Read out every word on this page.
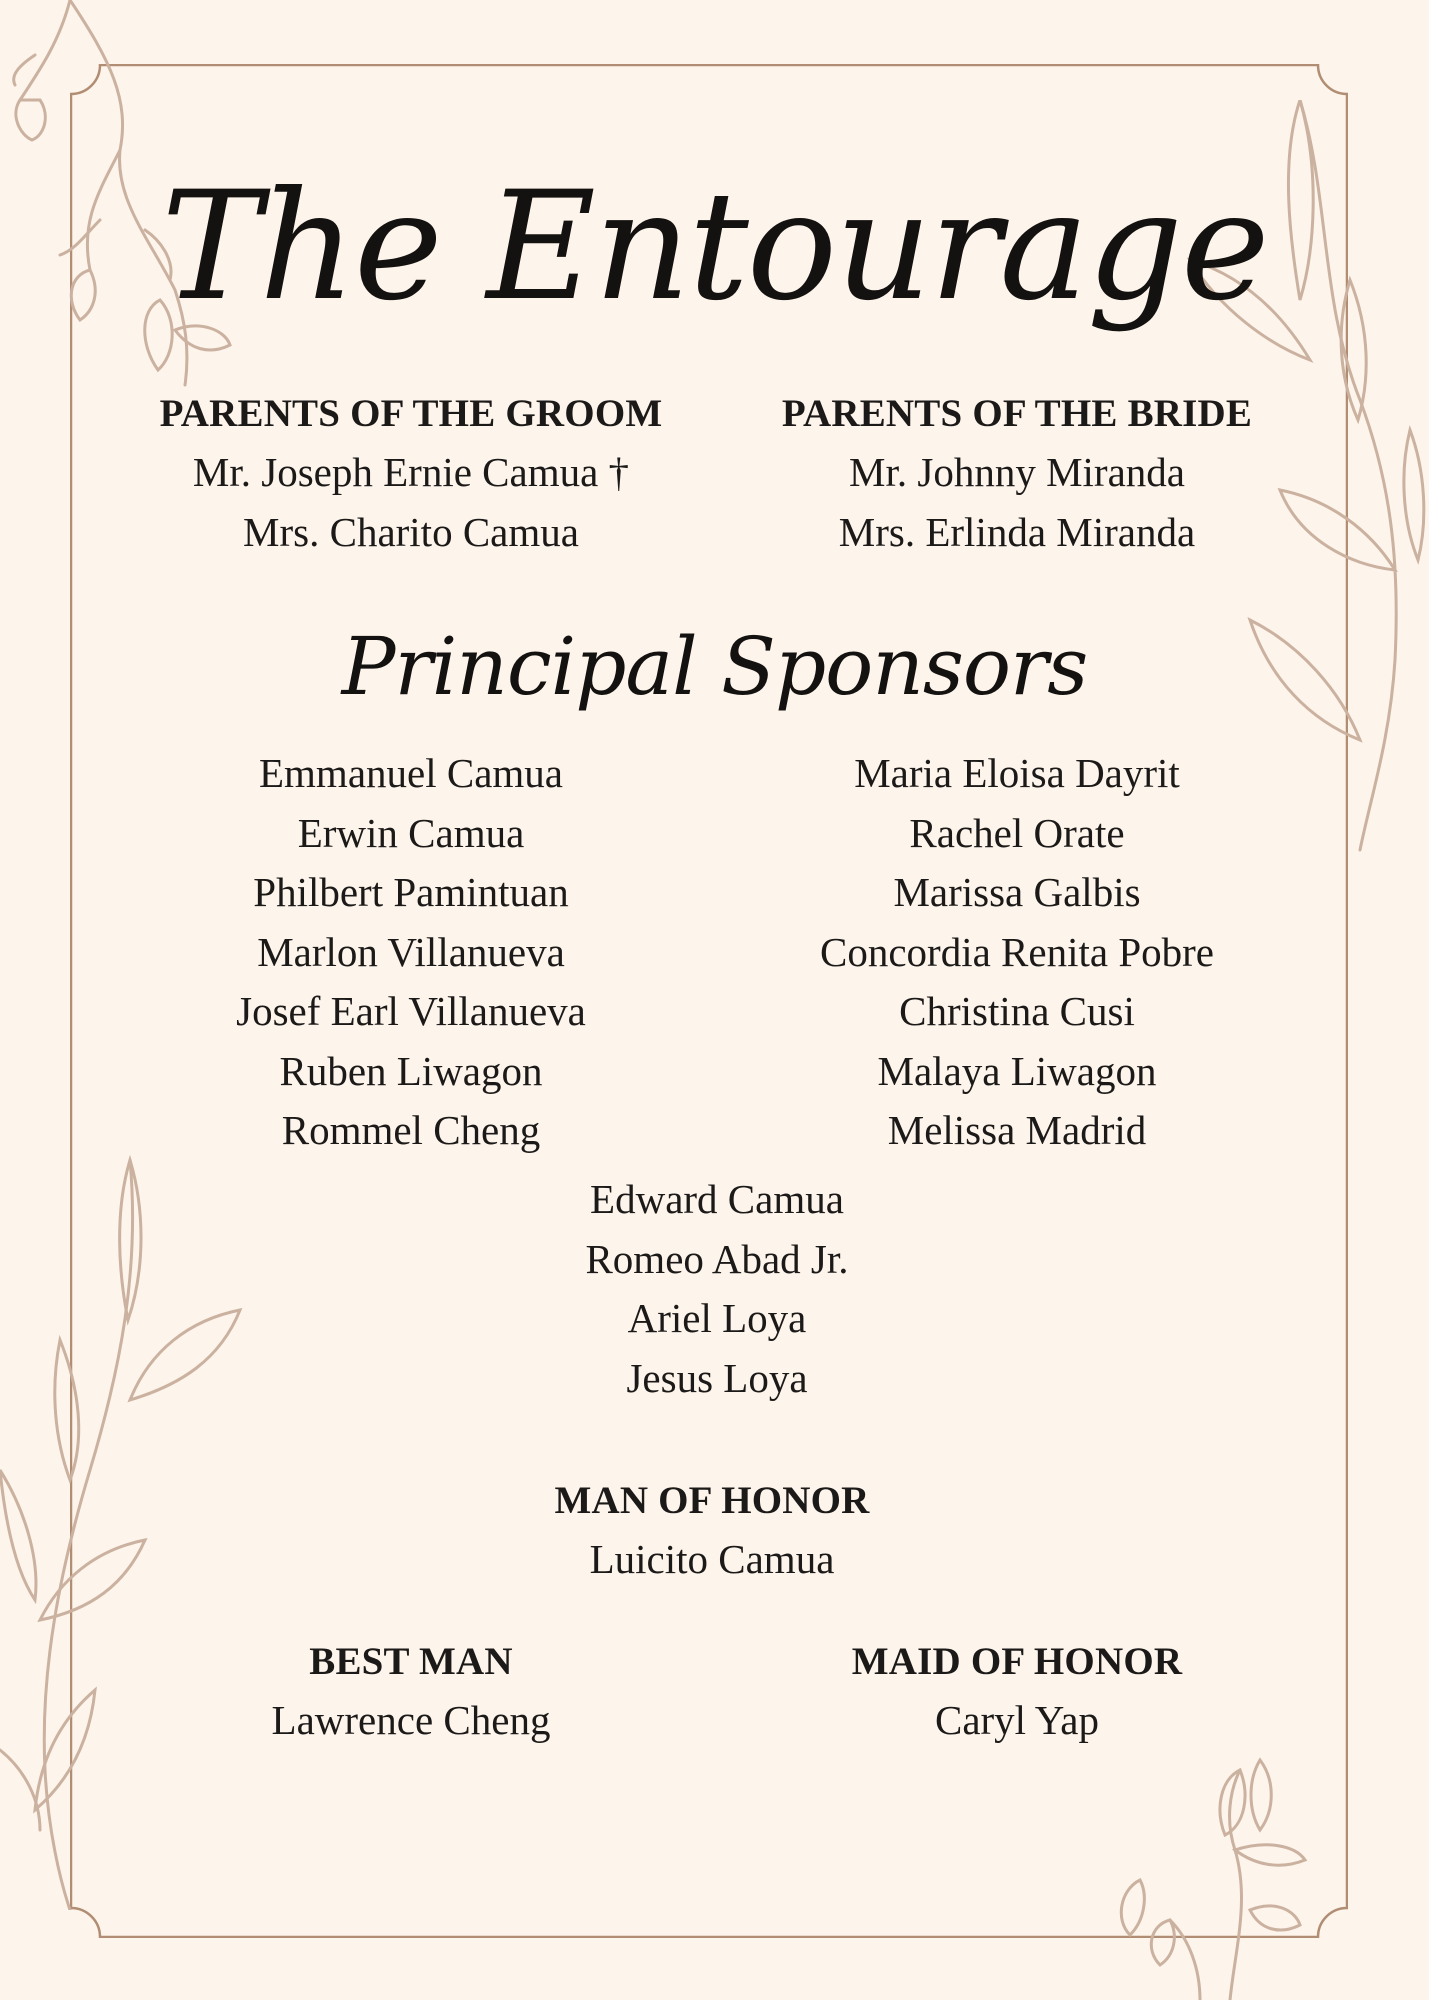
The Entourage
PARENTS OF THE GROOM
Mr. Joseph Ernie Camua †
Mrs. Charito Camua
PARENTS OF THE BRIDE
Mr. Johnny Miranda
Mrs. Erlinda Miranda
Principal Sponsors
Emmanuel Camua
Erwin Camua
Philbert Pamintuan
Marlon Villanueva
Josef Earl Villanueva
Ruben Liwagon
Rommel Cheng
Maria Eloisa Dayrit
Rachel Orate
Marissa Galbis
Concordia Renita Pobre
Christina Cusi
Malaya Liwagon
Melissa Madrid
Edward Camua
Romeo Abad Jr.
Ariel Loya
Jesus Loya
MAN OF HONOR
Luicito Camua
BEST MAN
Lawrence Cheng
MAID OF HONOR
Caryl Yap
